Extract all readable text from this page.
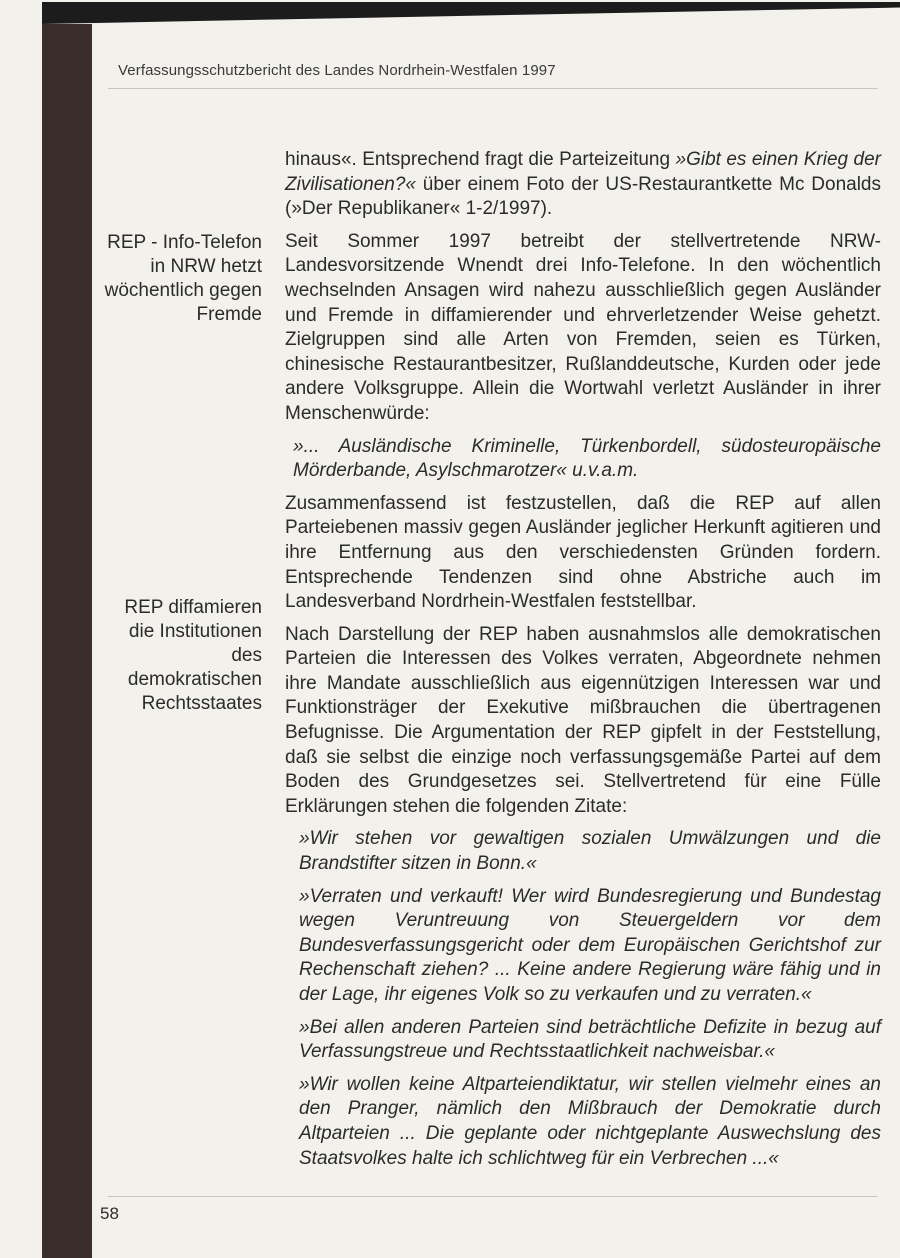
Verfassungsschutzbericht des Landes Nordrhein-Westfalen 1997
REP - Info-Telefon in NRW hetzt wöchentlich gegen Fremde
REP diffamieren die Institutionen des demokratischen Rechtsstaates

hinaus«. Entsprechend fragt die Parteizeitung »Gibt es einen Krieg der Zivilisationen?« über einem Foto der US-Restaurantkette Mc Donalds (»Der Republikaner« 1-2/1997).

Seit Sommer 1997 betreibt der stellvertretende NRW-Landesvorsitzende Wnendt drei Info-Telefone. In den wöchentlich wechselnden Ansagen wird nahezu ausschließlich gegen Ausländer und Fremde in diffamierender und ehrverletzender Weise gehetzt. Zielgruppen sind alle Arten von Fremden, seien es Türken, chinesische Restaurantbesitzer, Rußlanddeutsche, Kurden oder jede andere Volksgruppe. Allein die Wortwahl verletzt Ausländer in ihrer Menschenwürde:

»... Ausländische Kriminelle, Türkenbordell, südosteuropäische Mörderbande, Asylschmarotzer« u.v.a.m.

Zusammenfassend ist festzustellen, daß die REP auf allen Parteiebenen massiv gegen Ausländer jeglicher Herkunft agitieren und ihre Entfernung aus den verschiedensten Gründen fordern. Entsprechende Tendenzen sind ohne Abstriche auch im Landesverband Nordrhein-Westfalen feststellbar.

Nach Darstellung der REP haben ausnahmslos alle demokratischen Parteien die Interessen des Volkes verraten, Abgeordnete nehmen ihre Mandate ausschließlich aus eigennützigen Interessen war und Funktionsträger der Exekutive mißbrauchen die übertragenen Befugnisse. Die Argumentation der REP gipfelt in der Feststellung, daß sie selbst die einzige noch verfassungsgemäße Partei auf dem Boden des Grundgesetzes sei. Stellvertretend für eine Fülle Erklärungen stehen die folgenden Zitate:

»Wir stehen vor gewaltigen sozialen Umwälzungen und die Brandstifter sitzen in Bonn.«

»Verraten und verkauft! Wer wird Bundesregierung und Bundestag wegen Veruntreuung von Steuergeldern vor dem Bundesverfassungsgericht oder dem Europäischen Gerichtshof zur Rechenschaft ziehen? ... Keine andere Regierung wäre fähig und in der Lage, ihr eigenes Volk so zu verkaufen und zu verraten.«

»Bei allen anderen Parteien sind beträchtliche Defizite in bezug auf Verfassungstreue und Rechtsstaatlichkeit nachweisbar.«

»Wir wollen keine Altparteiendiktatur, wir stellen vielmehr eines an den Pranger, nämlich den Mißbrauch der Demokratie durch Altparteien ... Die geplante oder nichtgeplante Auswechslung des Staatsvolkes halte ich schlichtweg für ein Verbrechen ...«

58
